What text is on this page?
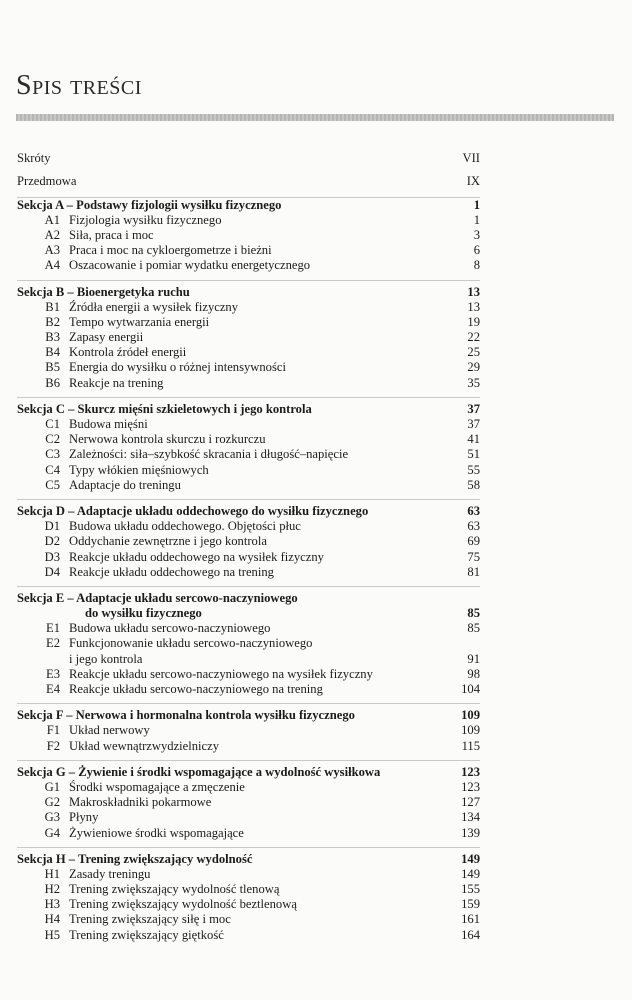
Spis treści
Skróty	VII
Przedmowa	IX
Sekcja A – Podstawy fizjologii wysiłku fizycznego	1
A1 Fizjologia wysiłku fizycznego	1
A2 Siła, praca i moc	3
A3 Praca i moc na cykloergometrze i bieżni	6
A4 Oszacowanie i pomiar wydatku energetycznego	8
Sekcja B – Bioenergetyka ruchu	13
B1 Źródła energii a wysiłek fizyczny	13
B2 Tempo wytwarzania energii	19
B3 Zapasy energii	22
B4 Kontrola źródeł energii	25
B5 Energia do wysiłku o różnej intensywności	29
B6 Reakcje na trening	35
Sekcja C – Skurcz mięśni szkieletowych i jego kontrola	37
C1 Budowa mięśni	37
C2 Nerwowa kontrola skurczu i rozkurczu	41
C3 Zależności: siła–szybkość skracania i długość–napięcie	51
C4 Typy włókien mięśniowych	55
C5 Adaptacje do treningu	58
Sekcja D – Adaptacje układu oddechowego do wysiłku fizycznego	63
D1 Budowa układu oddechowego. Objętości płuc	63
D2 Oddychanie zewnętrzne i jego kontrola	69
D3 Reakcje układu oddechowego na wysiłek fizyczny	75
D4 Reakcje układu oddechowego na trening	81
Sekcja E – Adaptacje układu sercowo-naczyniowego
do wysiłku fizycznego	85
E1 Budowa układu sercowo-naczyniowego	85
E2 Funkcjonowanie układu sercowo-naczyniowego
i jego kontrola	91
E3 Reakcje układu sercowo-naczyniowego na wysiłek fizyczny	98
E4 Reakcje układu sercowo-naczyniowego na trening	104
Sekcja F – Nerwowa i hormonalna kontrola wysiłku fizycznego	109
F1 Układ nerwowy	109
F2 Układ wewnątrzwydzielniczy	115
Sekcja G – Żywienie i środki wspomagające a wydolność wysiłkowa	123
G1 Środki wspomagające a zmęczenie	123
G2 Makroskładniki pokarmowe	127
G3 Płyny	134
G4 Żywieniowe środki wspomagające	139
Sekcja H – Trening zwiększający wydolność	149
H1 Zasady treningu	149
H2 Trening zwiększający wydolność tlenową	155
H3 Trening zwiększający wydolność beztlenową	159
H4 Trening zwiększający siłę i moc	161
H5 Trening zwiększający giętkość	164
